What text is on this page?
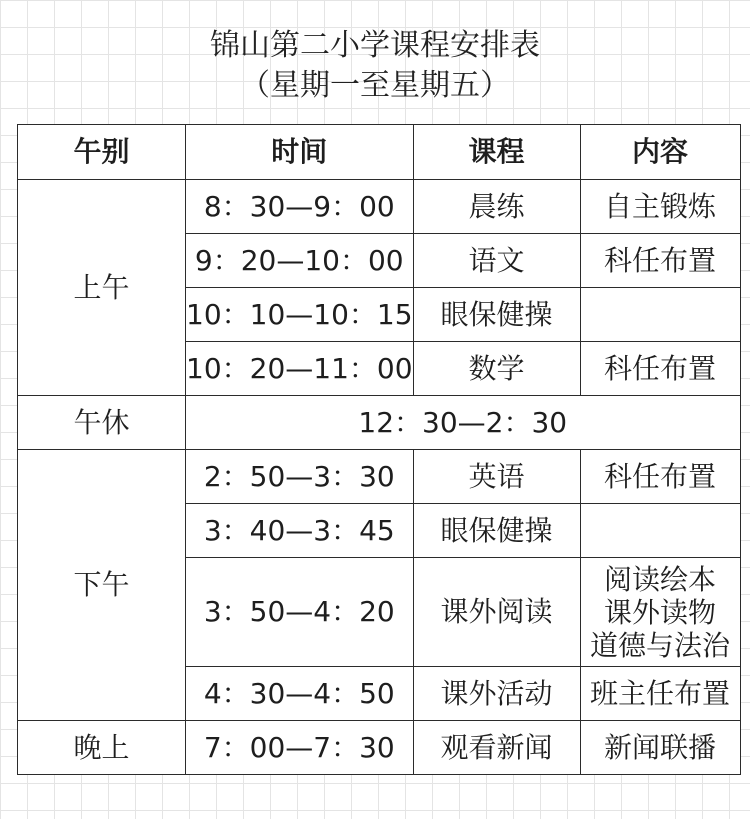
锦山第二小学课程安排表
（星期一至星期五）
午别	时间	课程	内容
上午	8：30—9：00	晨练	自主锻炼
	9：20—10：00	语文	科任布置
	10：10—10：15	眼保健操	
	10：20—11：00	数学	科任布置
午休	12：30—2：30		
下午	2：50—3：30	英语	科任布置
	3：40—3：45	眼保健操	
	3：50—4：20	课外阅读	阅读绘本
课外读物
道德与法治

	4：30—4：50	课外活动	班主任布置
晚上	7：00—7：30	观看新闻	新闻联播
